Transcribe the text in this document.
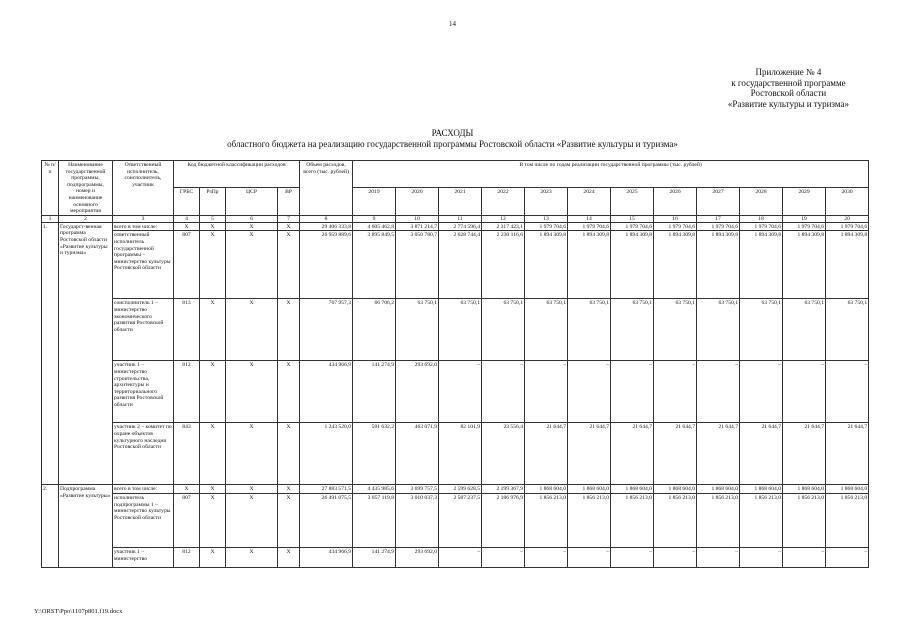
14
Приложение № 4
к государственной программе
Ростовской области
«Развитие культуры и туризма»
РАСХОДЫ
областного бюджета на реализацию государственной программы Ростовской области «Развитие культуры и туризма»
№ п/п	Наименование государственной программы, подпрограммы, номер и наименование основного мероприятия	Ответственный исполнитель, соисполнитель, участник	Код бюджетной классификации расходов				Объем расходов, всего (тыс. рублей)	В том числе по годам реализации государственной программы (тыс. рублей)											
			ГРБС	РзПр	ЦСР	ВР		2019	2020	2021	2022	2023	2024	2025	2026	2027	2028	2029	2030
1	2	3	4	5	6	7	8	9	10	11	12	13	14	15	16	17	18	19	20
1.	Государст-венная программа Ростовской области «Развитие культуры и туризма»	всего в том числе:	X	X	X	X	29 406 333,8	4 605 462,8	3 871 214,7	2 774 596,4	2 317 423,1	1 979 704,6	1 979 704,6	1 979 704,6	1 979 704,6	1 979 704,6	1 979 704,6	1 979 704,6	1 979 704,6
		ответственный исполнитель государственной программы – министерство культуры Ростовской области	807	X	X	X	26 959 889,6	3 895 849,5	3 050 780,7	2 628 744,4	2 230 116,6	1 894 309,8	1 894 309,8	1 894 309,8	1 894 309,8	1 894 309,8	1 894 309,8	1 894 309,8	1 894 309,8
		соисполнитель 1 – министерство экономического развития Ростовской области	813	X	X	X	767 957,3	66 706,2	63 750,1	63 750,1	63 750,1	63 750,1	63 750,1	63 750,1	63 750,1	63 750,1	63 750,1	63 750,1	63 750,1
		участник 1 – министерство строительства, архитектуры и территориального развития Ростовской области	812	X	X	X	434 966,9	141 274,9	293 692,0	–	–	–	–	–	–	–	–	–	–
		участник 2 – комитет по охране объектов культурного наследия Ростовской области	843	X	X	X	1 243 520,0	501 632,2	463 071,9	82 101,9	23 556,4	21 644,7	21 644,7	21 644,7	21 644,7	21 644,7	21 644,7	21 644,7	21 644,7
2.	Подпрограмма «Развитие культуры»	всего в том числе:	X	X	X	X	27 883 571,5	4 435 985,6	3 699 757,5	2 599 628,5	2 199 367,9	1 868 604,0	1 868 604,0	1 868 604,0	1 868 604,0	1 868 604,0	1 868 604,0	1 868 604,0	1 868 604,0
		исполнитель подпрограммы 1 – министерство культуры Ростовской области	807	X	X	X	26 491 075,5	3 857 119,8	3 010 037,3	2 587 237,5	2 186 976,9	1 856 213,0	1 856 213,0	1 856 213,0	1 856 213,0	1 856 213,0	1 856 213,0	1 856 213,0	1 856 213,0
		участник 1 – министерство	812	X	X	X	434 966,9	141 274,9	293 692,0	–	–	–	–	–	–	–	–	–	–
Y:\ORST\Ppo\1107p801.f19.docx
